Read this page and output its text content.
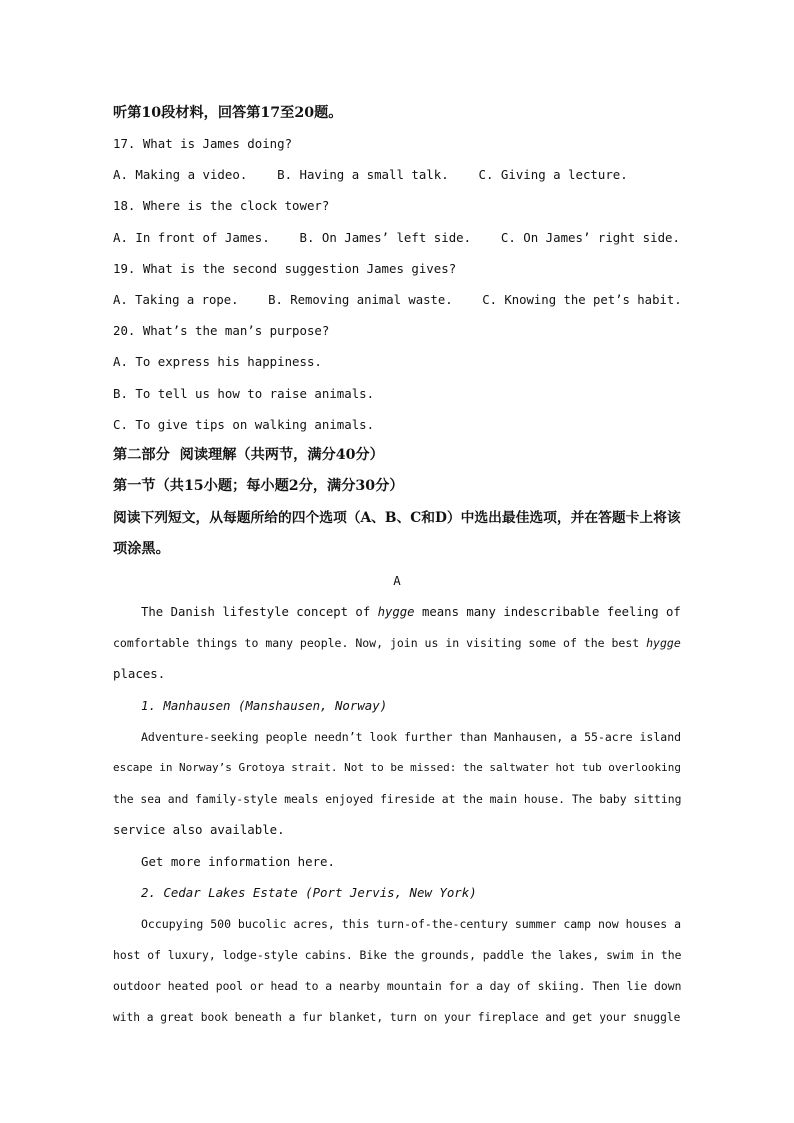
听第10段材料，回答第17至20题。
17. What is James doing?
A. Making a video.    B. Having a small talk.    C. Giving a lecture.
18. Where is the clock tower?
A. In front of James.    B. On James’ left side.    C. On James’ right side.
19. What is the second suggestion James gives?
A. Taking a rope.    B. Removing animal waste.    C. Knowing the pet’s habit.
20. What’s the man’s purpose?
A. To express his happiness.
B. To tell us how to raise animals.
C. To give tips on walking animals.
第二部分  阅读理解（共两节，满分40分）
第一节（共15小题；每小题2分，满分30分）
阅读下列短文，从每题所给的四个选项（A、B、C和D）中选出最佳选项，并在答题卡上将该
项涂黑。
A
The Danish lifestyle concept of hygge means many indescribable feeling of
comfortable things to many people. Now, join us in visiting some of the best hygge
places.
1. Manhausen (Manshausen, Norway)
Adventure-seeking people needn’t look further than Manhausen, a 55-acre island
escape in Norway’s Grotoya strait. Not to be missed: the saltwater hot tub overlooking
the sea and family-style meals enjoyed fireside at the main house. The baby sitting
service also available.
Get more information here.
2. Cedar Lakes Estate (Port Jervis, New York)
Occupying 500 bucolic acres, this turn-of-the-century summer camp now houses a
host of luxury, lodge-style cabins. Bike the grounds, paddle the lakes, swim in the
outdoor heated pool or head to a nearby mountain for a day of skiing. Then lie down
with a great book beneath a fur blanket, turn on your fireplace and get your snuggle
